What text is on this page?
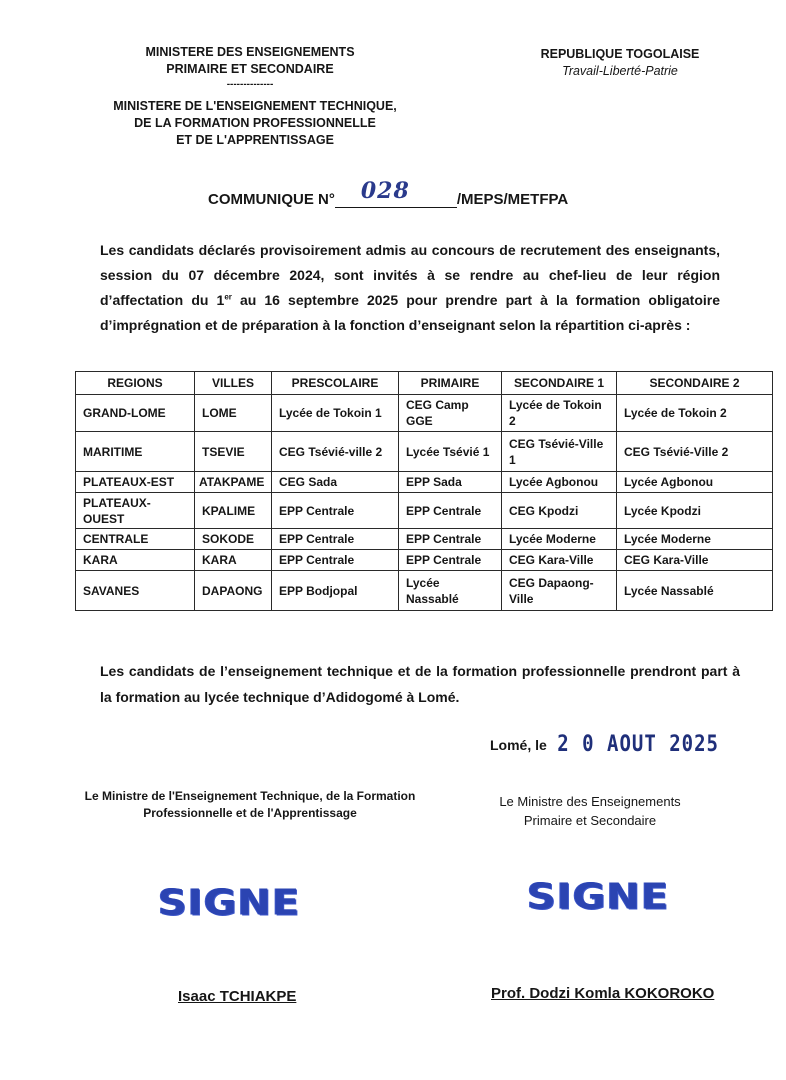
MINISTERE DES ENSEIGNEMENTS
PRIMAIRE ET SECONDAIRE
--------------
MINISTERE DE L'ENSEIGNEMENT TECHNIQUE,
DE LA FORMATION PROFESSIONNELLE
ET DE L'APPRENTISSAGE
REPUBLIQUE TOGOLAISE
Travail-Liberté-Patrie
COMMUNIQUE N° 028	/MEPS/METFPA
Les candidats déclarés provisoirement admis au concours de recrutement des enseignants, session du 07 décembre 2024, sont invités à se rendre au chef-lieu de leur région d’affectation du 1er au 16 septembre 2025 pour prendre part à la formation obligatoire d’imprégnation et de préparation à la fonction d’enseignant selon la répartition ci-après :
REGIONS	VILLES	PRESCOLAIRE	PRIMAIRE	SECONDAIRE 1	SECONDAIRE 2
GRAND-LOME	LOME	Lycée de Tokoin 1	CEG Camp GGE	Lycée de Tokoin 2	Lycée de Tokoin 2
MARITIME	TSEVIE	CEG Tsévié-ville 2	Lycée Tsévié 1	CEG Tsévié-Ville 1	CEG Tsévié-Ville 2
PLATEAUX-EST	ATAKPAME	CEG Sada	EPP Sada	Lycée Agbonou	Lycée Agbonou
PLATEAUX-OUEST	KPALIME	EPP Centrale	EPP Centrale	CEG Kpodzi	Lycée Kpodzi
CENTRALE	SOKODE	EPP Centrale	EPP Centrale	Lycée Moderne	Lycée Moderne
KARA	KARA	EPP Centrale	EPP Centrale	CEG Kara-Ville	CEG Kara-Ville
SAVANES	DAPAONG	EPP Bodjopal	Lycée Nassablé	CEG Dapaong-Ville	Lycée Nassablé
Les candidats de l’enseignement technique et de la formation professionnelle prendront part à la formation au lycée technique d’Adidogomé à Lomé.
Lomé, le 2 0 AOUT 2025
Le Ministre de l'Enseignement Technique, de la Formation
Professionnelle et de l'Apprentissage
Le Ministre des Enseignements
Primaire et Secondaire
SIGNE	SIGNE
Isaac TCHIAKPE	Prof. Dodzi Komla KOKOROKO
